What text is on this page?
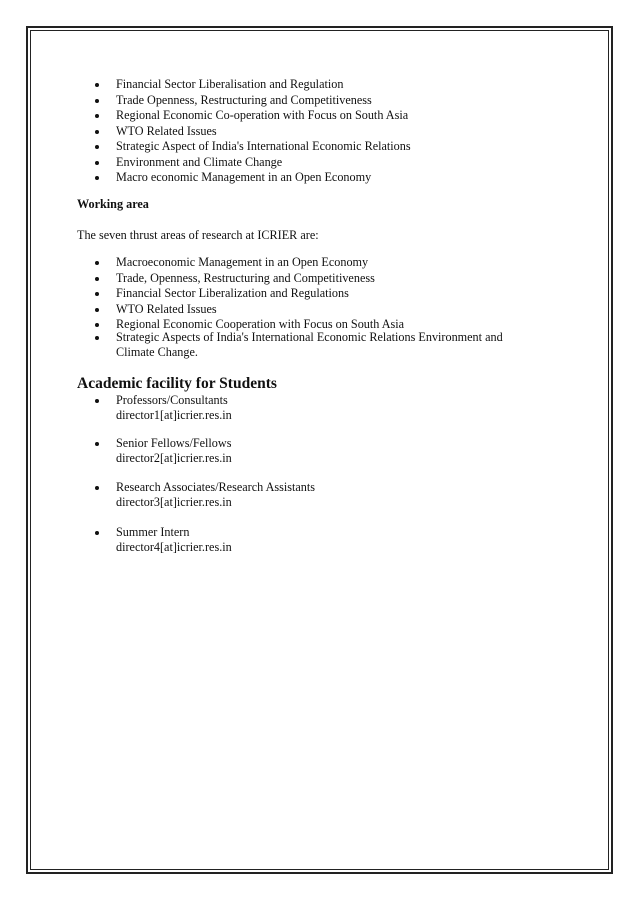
Financial Sector Liberalisation and Regulation
Trade Openness, Restructuring and Competitiveness
Regional Economic Co-operation with Focus on South Asia
WTO Related Issues
Strategic Aspect of India's International Economic Relations
Environment and Climate Change
Macro economic Management in an Open Economy
Working area
The seven thrust areas of research at ICRIER are:
Macroeconomic Management in an Open Economy
Trade, Openness, Restructuring and Competitiveness
Financial Sector Liberalization and Regulations
WTO Related Issues
Regional Economic Cooperation with Focus on South Asia
Strategic Aspects of India's International Economic Relations Environment and
Climate Change.
Academic facility for Students
Professors/Consultants
director1[at]icrier.res.in
Senior Fellows/Fellows
director2[at]icrier.res.in
Research Associates/Research Assistants
director3[at]icrier.res.in
Summer Intern
director4[at]icrier.res.in
